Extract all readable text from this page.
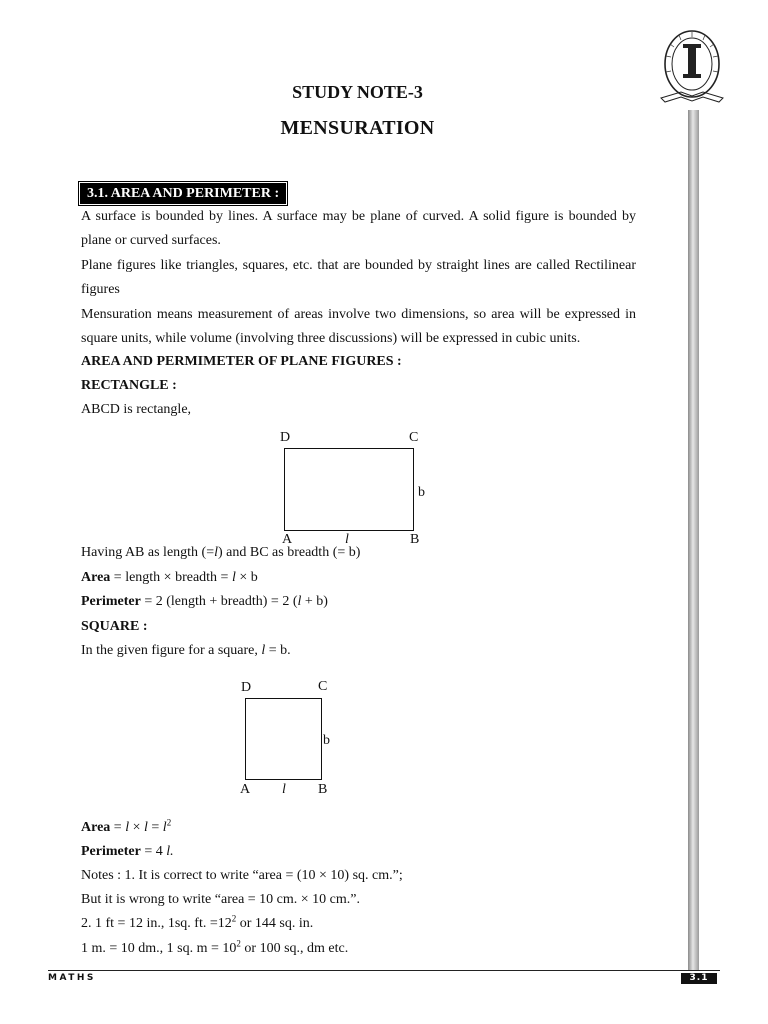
STUDY NOTE-3
MENSURATION
3.1. AREA AND PERIMETER :
A surface is bounded by lines. A surface may be plane of curved. A solid figure is bounded by plane or curved surfaces.
Plane figures like triangles, squares, etc. that are bounded by straight lines are called Rectilinear figures
Mensuration means measurement of areas involve two dimensions, so area will be expressed in square units, while volume (involving three discussions) will be expressed in cubic units.
AREA AND PERMIMETER OF PLANE FIGURES :
RECTANGLE :
ABCD is rectangle,
D	C
b
A	l	B
Having AB as length (=l) and BC as breadth (= b)
Area = length × breadth = l × b
Perimeter = 2 (length + breadth) = 2 (l + b)
SQUARE :
In the given figure for a square, l = b.
D	C
b
A l B
Area = $l \times l = l^2$
Perimeter = 4 l.
Notes : 1. It is correct to write “area = (10 × 10) sq. cm.”;
But it is wrong to write “area = 10 cm. × 10 cm.”.
2. 1 ft = 12 in., 1sq. ft. $=12^2$ or 144 sq. in.
1 m. = 10 dm., 1 sq. $m = 10^2$ or 100 sq., dm etc.
MATHS	3.1
